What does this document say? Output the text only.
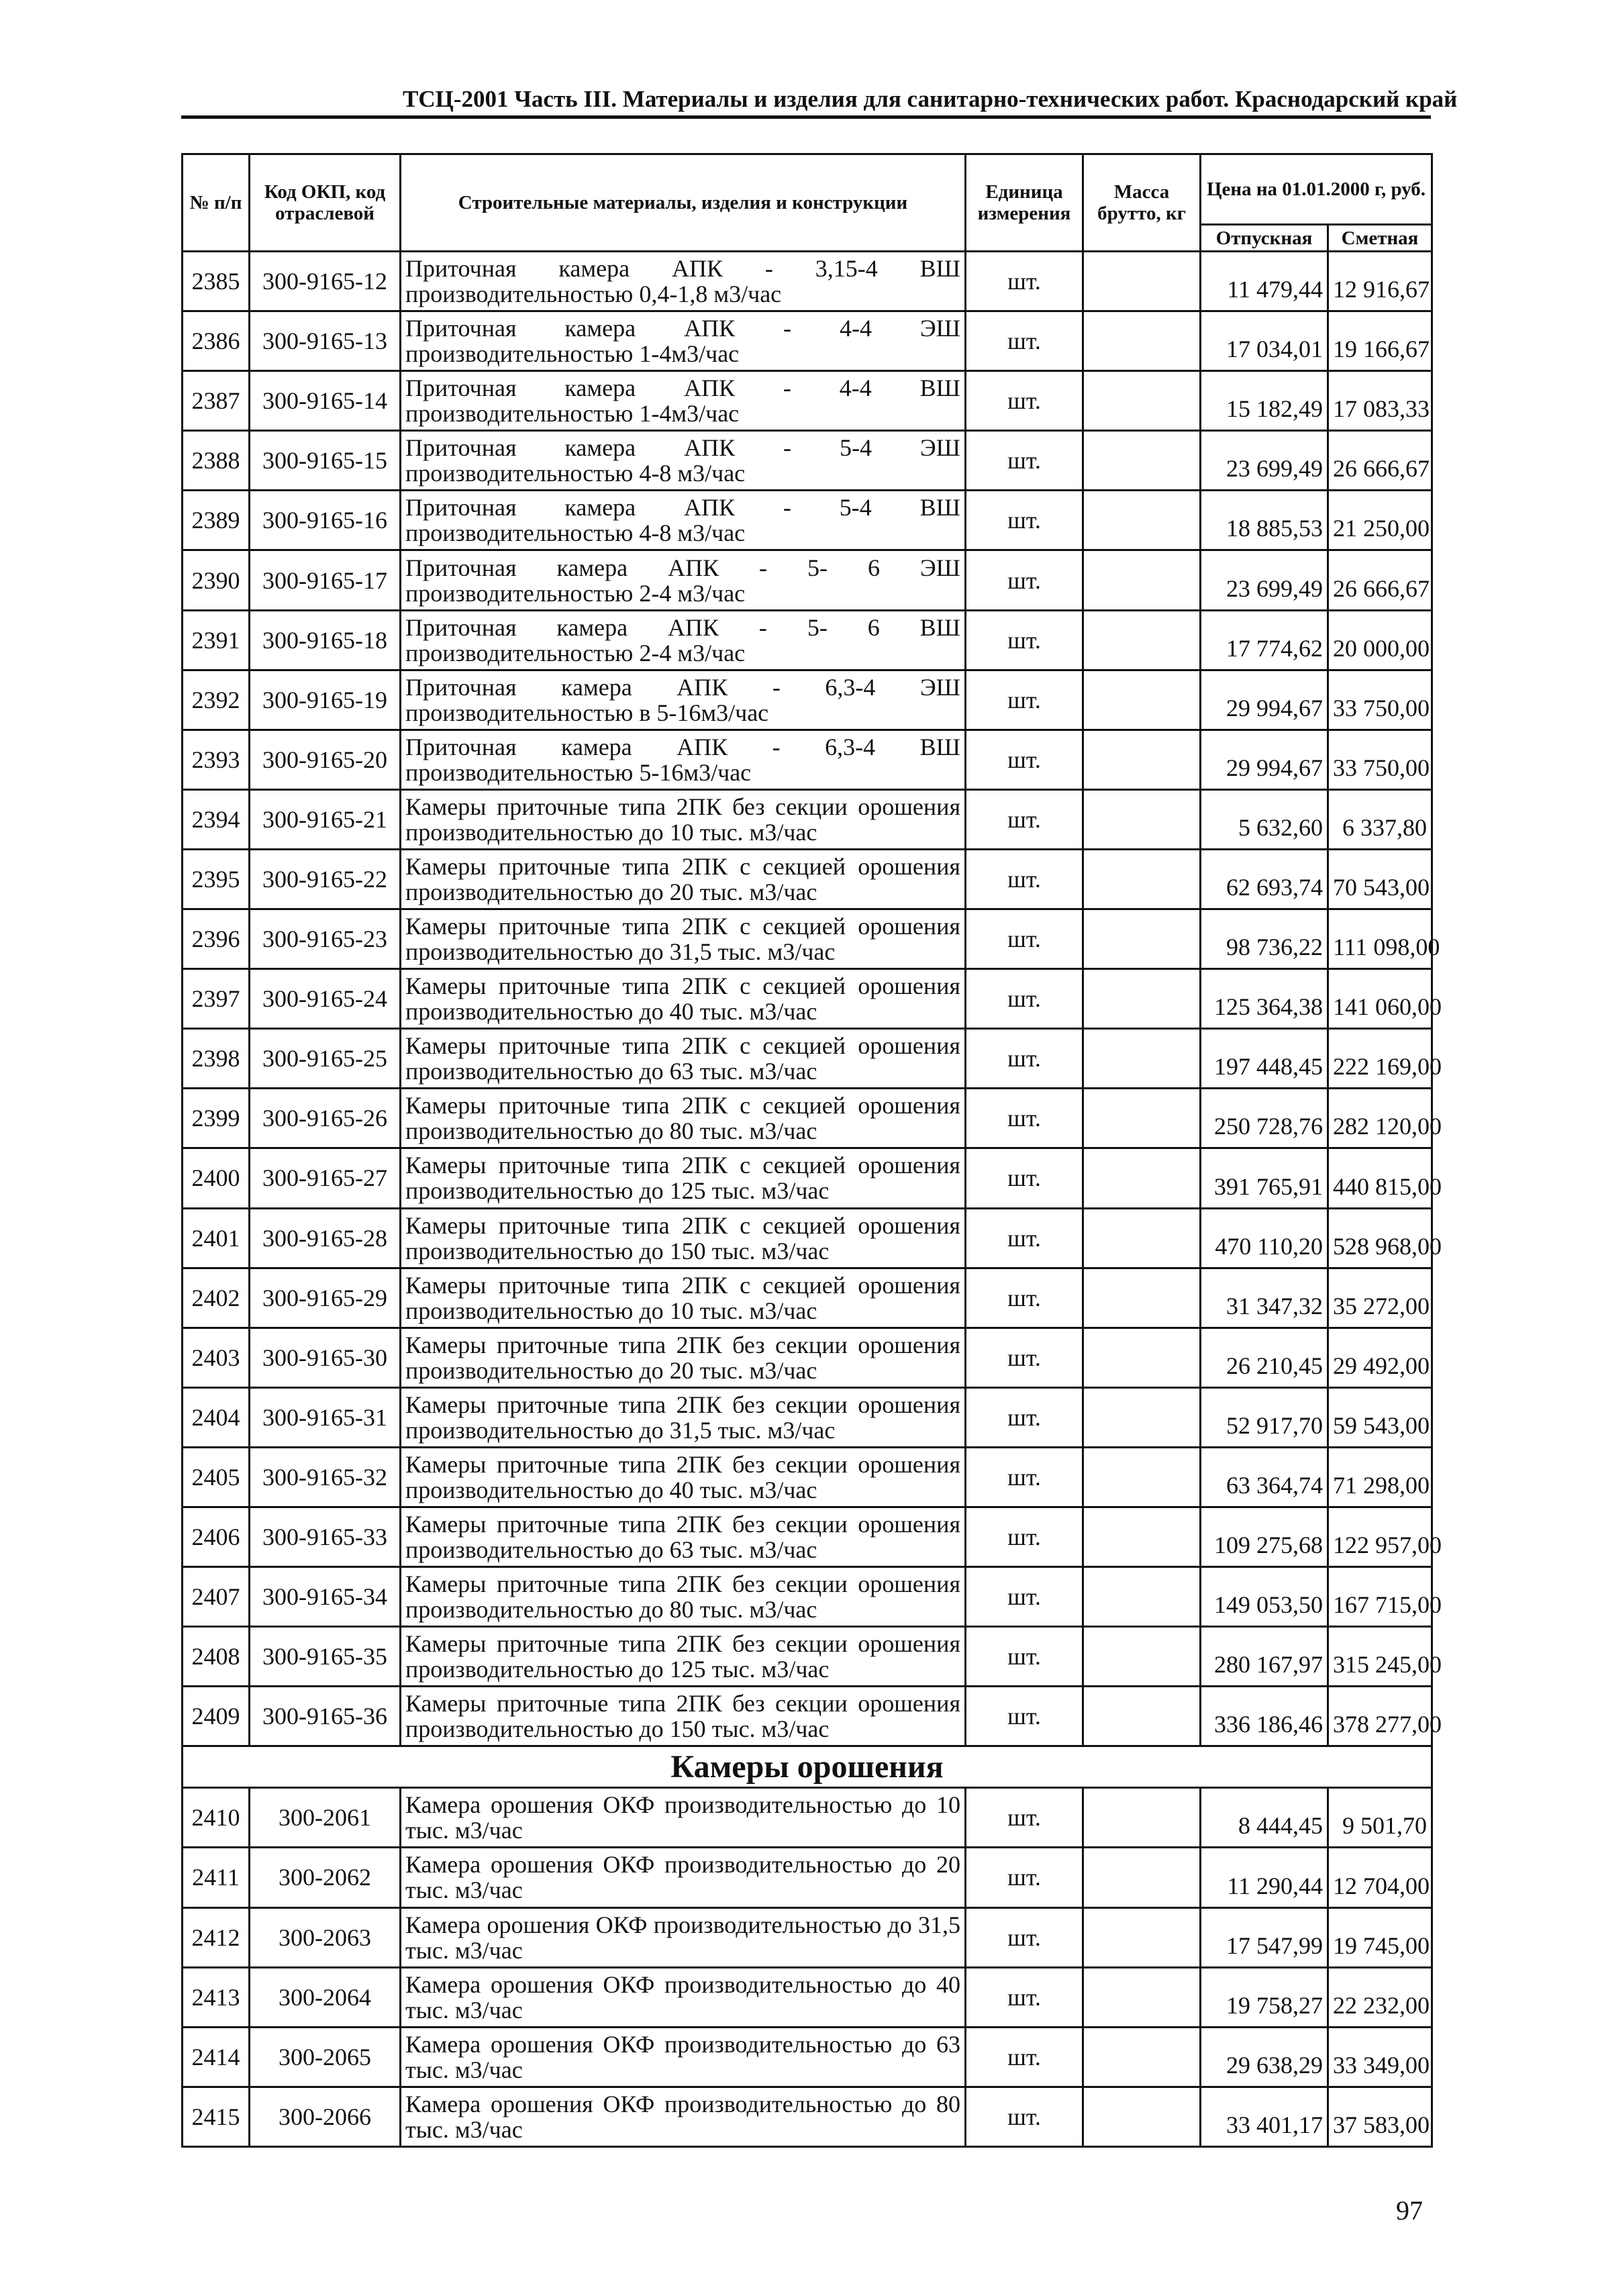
ТСЦ-2001 Часть III. Материалы и изделия для санитарно-технических работ. Краснодарский край
№ п/п	Код ОКП, код отраслевой	Строительные материалы, изделия и конструкции	Единица измерения	Масса брутто, кг	Цена на 01.01.2000 г, руб.	
					Отпускная	Сметная
2385	300-9165-12	Приточная камера АПК - 3,15-4 ВШ производительностью 0,4-1,8 м3/час	шт.		11 479,44	12 916,67
2386	300-9165-13	Приточная камера АПК - 4-4 ЭШ производительностью 1-4м3/час	шт.		17 034,01	19 166,67
2387	300-9165-14	Приточная камера АПК - 4-4 ВШ производительностью 1-4м3/час	шт.		15 182,49	17 083,33
2388	300-9165-15	Приточная камера АПК - 5-4 ЭШ производительностью 4-8 м3/час	шт.		23 699,49	26 666,67
2389	300-9165-16	Приточная камера АПК - 5-4 ВШ производительностью 4-8 м3/час	шт.		18 885,53	21 250,00
2390	300-9165-17	Приточная камера АПК - 5- 6 ЭШ производительностью 2-4 м3/час	шт.		23 699,49	26 666,67
2391	300-9165-18	Приточная камера АПК - 5- 6 ВШ производительностью 2-4 м3/час	шт.		17 774,62	20 000,00
2392	300-9165-19	Приточная камера АПК - 6,3-4 ЭШ производительностью в 5-16м3/час	шт.		29 994,67	33 750,00
2393	300-9165-20	Приточная камера АПК - 6,3-4 ВШ производительностью 5-16м3/час	шт.		29 994,67	33 750,00
2394	300-9165-21	Камеры приточные типа 2ПК без секции орошения производительностью до 10 тыс. м3/час	шт.		5 632,60	6 337,80
2395	300-9165-22	Камеры приточные типа 2ПК с секцией орошения производительностью до 20 тыс. м3/час	шт.		62 693,74	70 543,00
2396	300-9165-23	Камеры приточные типа 2ПК с секцией орошения производительностью до 31,5 тыс. м3/час	шт.		98 736,22	111 098,00
2397	300-9165-24	Камеры приточные типа 2ПК с секцией орошения производительностью до 40 тыс. м3/час	шт.		125 364,38	141 060,00
2398	300-9165-25	Камеры приточные типа 2ПК с секцией орошения производительностью до 63 тыс. м3/час	шт.		197 448,45	222 169,00
2399	300-9165-26	Камеры приточные типа 2ПК с секцией орошения производительностью до 80 тыс. м3/час	шт.		250 728,76	282 120,00
2400	300-9165-27	Камеры приточные типа 2ПК с секцией орошения производительностью до 125 тыс. м3/час	шт.		391 765,91	440 815,00
2401	300-9165-28	Камеры приточные типа 2ПК с секцией орошения производительностью до 150 тыс. м3/час	шт.		470 110,20	528 968,00
2402	300-9165-29	Камеры приточные типа 2ПК с секцией орошения производительностью до 10 тыс. м3/час	шт.		31 347,32	35 272,00
2403	300-9165-30	Камеры приточные типа 2ПК без секции орошения производительностью до 20 тыс. м3/час	шт.		26 210,45	29 492,00
2404	300-9165-31	Камеры приточные типа 2ПК без секции орошения производительностью до 31,5 тыс. м3/час	шт.		52 917,70	59 543,00
2405	300-9165-32	Камеры приточные типа 2ПК без секции орошения производительностью до 40 тыс. м3/час	шт.		63 364,74	71 298,00
2406	300-9165-33	Камеры приточные типа 2ПК без секции орошения производительностью до 63 тыс. м3/час	шт.		109 275,68	122 957,00
2407	300-9165-34	Камеры приточные типа 2ПК без секции орошения производительностью до 80 тыс. м3/час	шт.		149 053,50	167 715,00
2408	300-9165-35	Камеры приточные типа 2ПК без секции орошения производительностью до 125 тыс. м3/час	шт.		280 167,97	315 245,00
2409	300-9165-36	Камеры приточные типа 2ПК без секции орошения производительностью до 150 тыс. м3/час	шт.		336 186,46	378 277,00
Камеры орошения						
2410	300-2061	Камера орошения ОКФ производительностью до 10 тыс. м3/час	шт.		8 444,45	9 501,70
2411	300-2062	Камера орошения ОКФ производительностью до 20 тыс. м3/час	шт.		11 290,44	12 704,00
2412	300-2063	Камера орошения ОКФ производительностью до 31,5 тыс. м3/час	шт.		17 547,99	19 745,00
2413	300-2064	Камера орошения ОКФ производительностью до 40 тыс. м3/час	шт.		19 758,27	22 232,00
2414	300-2065	Камера орошения ОКФ производительностью до 63 тыс. м3/час	шт.		29 638,29	33 349,00
2415	300-2066	Камера орошения ОКФ производительностью до 80 тыс. м3/час	шт.		33 401,17	37 583,00
97
